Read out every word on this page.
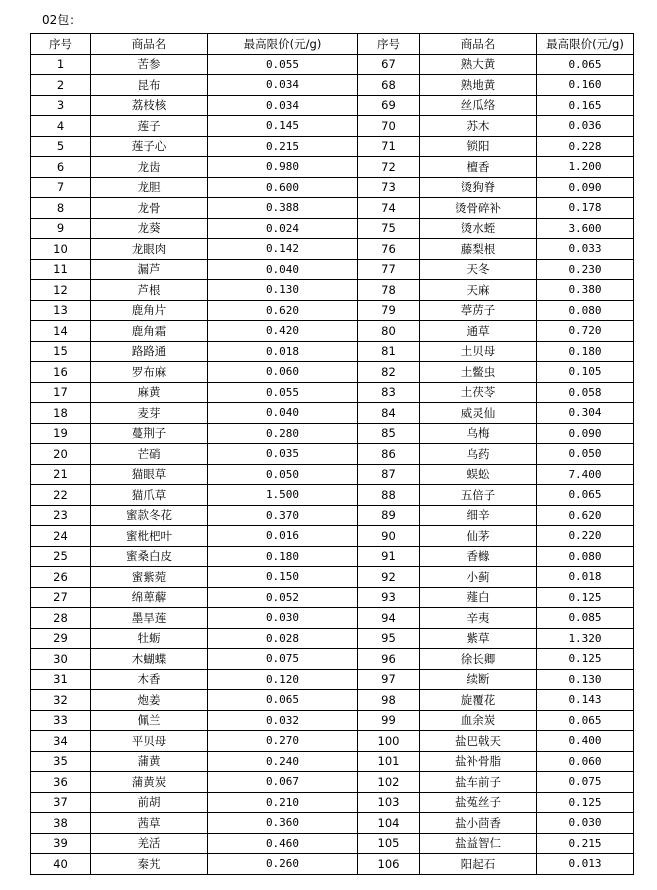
02包：
序号	商品名	最高限价(元/g)	序号	商品名	最高限价(元/g)
1	苦参	0.055	67	熟大黄	0.065
2	昆布	0.034	68	熟地黄	0.160
3	荔枝核	0.034	69	丝瓜络	0.165
4	莲子	0.145	70	苏木	0.036
5	莲子心	0.215	71	锁阳	0.228
6	龙齿	0.980	72	檀香	1.200
7	龙胆	0.600	73	烫狗脊	0.090
8	龙骨	0.388	74	烫骨碎补	0.178
9	龙葵	0.024	75	烫水蛭	3.600
10	龙眼肉	0.142	76	藤梨根	0.033
11	漏芦	0.040	77	天冬	0.230
12	芦根	0.130	78	天麻	0.380
13	鹿角片	0.620	79	葶苈子	0.080
14	鹿角霜	0.420	80	通草	0.720
15	路路通	0.018	81	土贝母	0.180
16	罗布麻	0.060	82	土鳖虫	0.105
17	麻黄	0.055	83	土茯苓	0.058
18	麦芽	0.040	84	威灵仙	0.304
19	蔓荆子	0.280	85	乌梅	0.090
20	芒硝	0.035	86	乌药	0.050
21	猫眼草	0.050	87	蜈蚣	7.400
22	猫爪草	1.500	88	五倍子	0.065
23	蜜款冬花	0.370	89	细辛	0.620
24	蜜枇杷叶	0.016	90	仙茅	0.220
25	蜜桑白皮	0.180	91	香橼	0.080
26	蜜紫菀	0.150	92	小蓟	0.018
27	绵萆薢	0.052	93	薤白	0.125
28	墨旱莲	0.030	94	辛夷	0.085
29	牡蛎	0.028	95	紫草	1.320
30	木蝴蝶	0.075	96	徐长卿	0.125
31	木香	0.120	97	续断	0.130
32	炮姜	0.065	98	旋覆花	0.143
33	佩兰	0.032	99	血余炭	0.065
34	平贝母	0.270	100	盐巴戟天	0.400
35	蒲黄	0.240	101	盐补骨脂	0.060
36	蒲黄炭	0.067	102	盐车前子	0.075
37	前胡	0.210	103	盐菟丝子	0.125
38	茜草	0.360	104	盐小茴香	0.030
39	羌活	0.460	105	盐益智仁	0.215
40	秦艽	0.260	106	阳起石	0.013
